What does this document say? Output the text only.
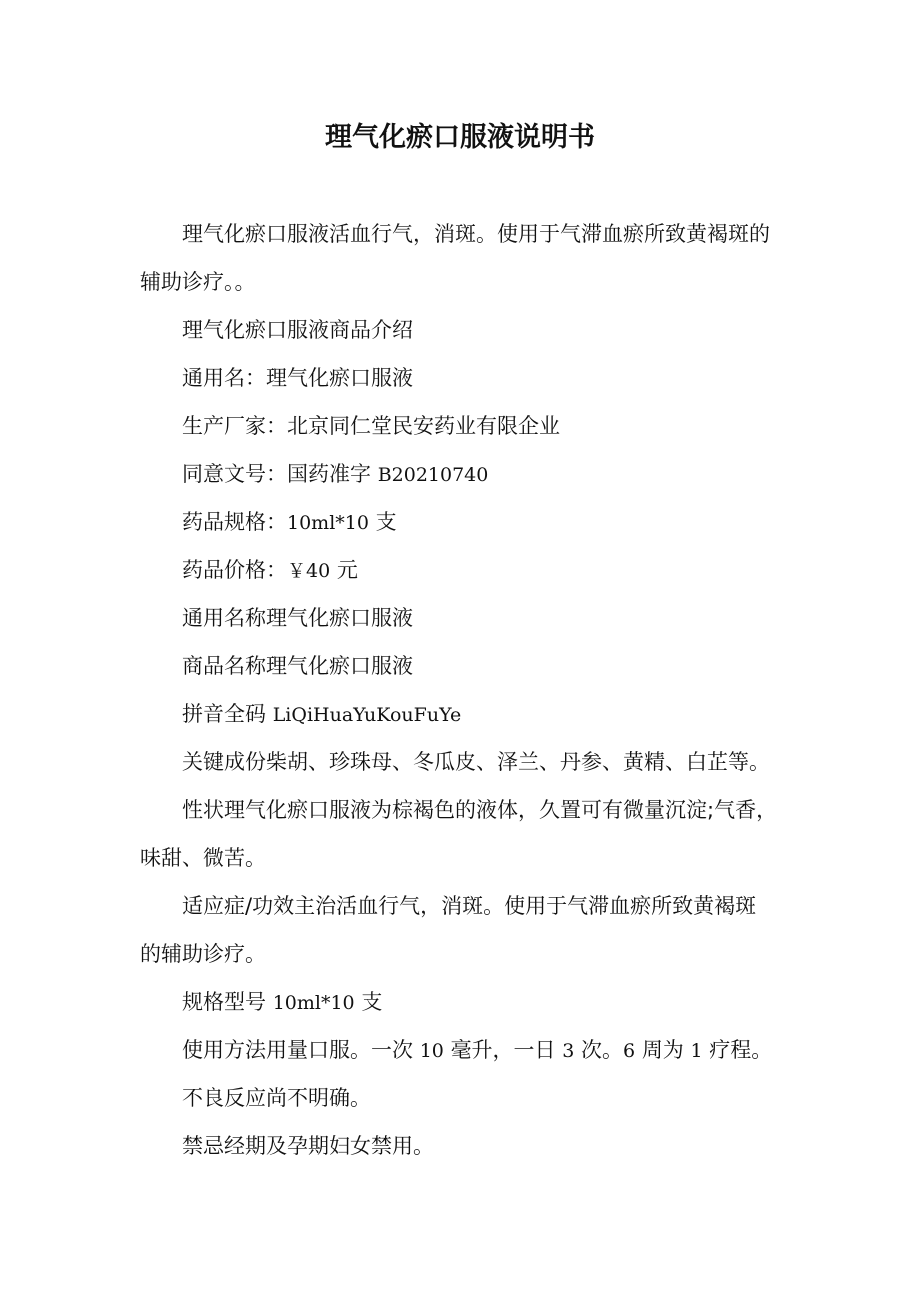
理气化瘀口服液说明书
理气化瘀口服液活血行气，消斑。使用于气滞血瘀所致黄褐斑的
辅助诊疗。。
理气化瘀口服液商品介绍
通用名：理气化瘀口服液
生产厂家：北京同仁堂民安药业有限企业
同意文号：国药准字 B20210740
药品规格：10ml*10 支
药品价格：￥40 元
通用名称理气化瘀口服液
商品名称理气化瘀口服液
拼音全码 LiQiHuaYuKouFuYe
关键成份柴胡、珍珠母、冬瓜皮、泽兰、丹参、黄精、白芷等。
性状理气化瘀口服液为棕褐色的液体，久置可有微量沉淀;气香，
味甜、微苦。
适应症/功效主治活血行气，消斑。使用于气滞血瘀所致黄褐斑
的辅助诊疗。
规格型号 10ml*10 支
使用方法用量口服。一次 10 毫升，一日 3 次。6 周为 1 疗程。
不良反应尚不明确。
禁忌经期及孕期妇女禁用。
